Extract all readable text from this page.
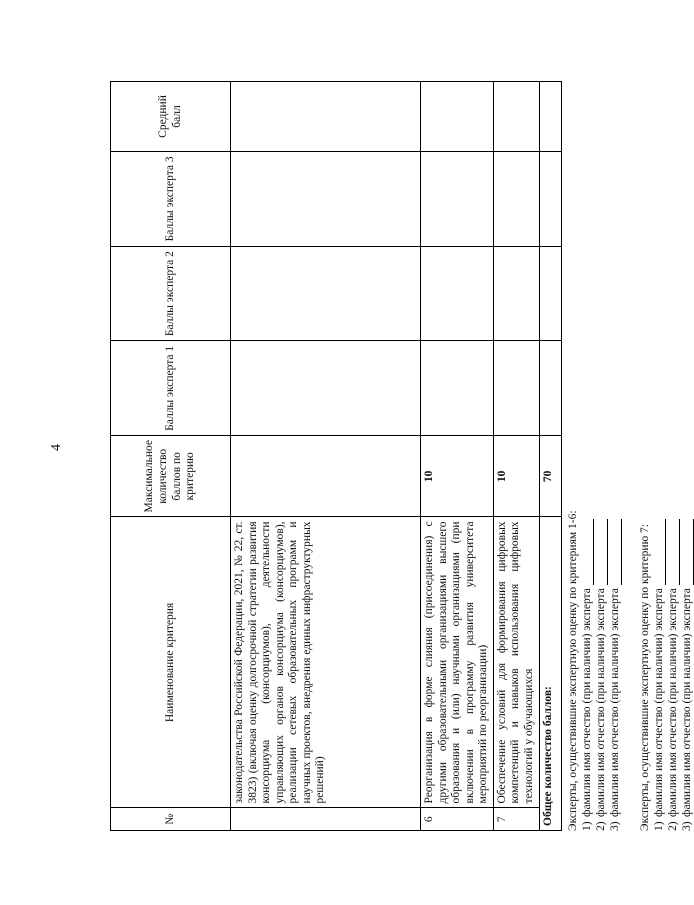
4
№	Наименование критерия	Максимальное количество баллов по критерию	Баллы эксперта 1	Баллы эксперта 2	Баллы эксперта 3	Средний балл
	законодательства Российской Федерации, 2021, № 22, ст. 3823) (включая оценку долгосрочной стратегии развития консорциума (консорциумов), деятельности управляющих органов консорциума (консорциумов), реализации сетевых образовательных программ и научных проектов, внедрения единых инфраструктурных решений)					
6	Реорганизация в форме слияния (присоединения) с другими образовательными организациями высшего образования и (или) научными организациями (при включении в программу развития университета мероприятий по реорганизации)	10				
7	Обеспечение условий для формирования цифровых компетенций и навыков использования цифровых технологий у обучающихся	10				
Общее количество баллов:		70				
Эксперты, осуществившие экспертную оценку по критериям 1-6: 1)
фамилия имя отчество (при наличии) эксперта
2)
фамилия имя отчество (при наличии) эксперта
3)
фамилия имя отчество (при наличии) эксперта Эксперты, осуществившие экспертную оценку по критерию 7: 1)
фамилия имя отчество (при наличии) эксперта
2)
фамилия имя отчество (при наличии) эксперта
3)
фамилия имя отчество (при наличии) эксперта
